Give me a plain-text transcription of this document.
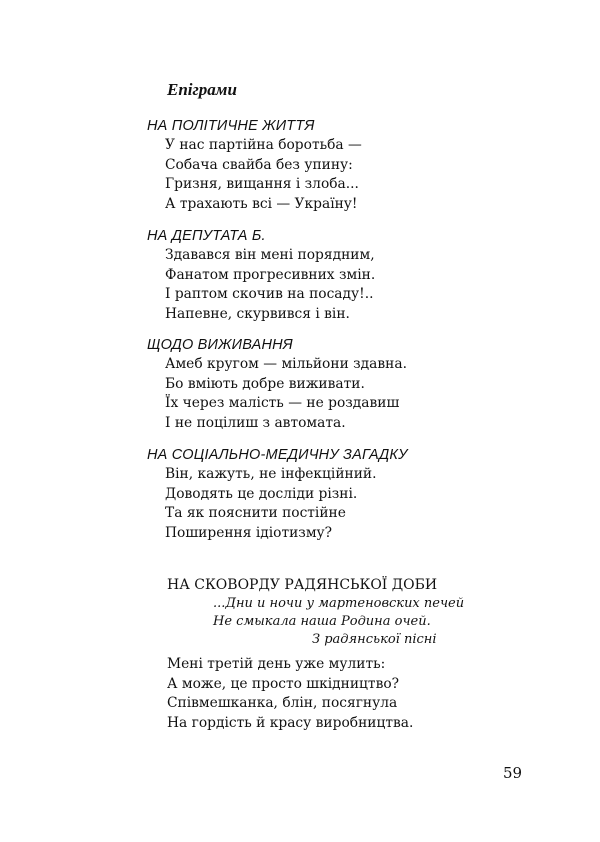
Епіграми
НА ПОЛІТИЧНЕ ЖИТТЯ
У нас партійна боротьба —
Собача свайба без упину:
Гризня, вищання і злоба...
А трахають всі — Україну!
НА ДЕПУТАТА Б.
Здавався він мені порядним,
Фанатом прогресивних змін.
І раптом скочив на посаду!..
Напевне, скурвився і він.
ЩОДО ВИЖИВАННЯ
Амеб кругом — мільйони здавна.
Бо вміють добре виживати.
Їх через малість — не роздавиш
І не поцілиш з автомата.
НА СОЦІАЛЬНО-МЕДИЧНУ ЗАГАДКУ
Він, кажуть, не інфекційний.
Доводять це досліди різні.
Та як пояснити постійне
Поширення ідіотизму?
НА СКОВОРДУ РАДЯНСЬКОЇ ДОБИ
...Дни и ночи у мартеновских печей
Не смыкала наша Родина очей.
З радянської пісні
Мені третій день уже мулить:
А може, це просто шкідництво?
Співмешканка, блін, посягнула
На гордість й красу виробництва.
59
